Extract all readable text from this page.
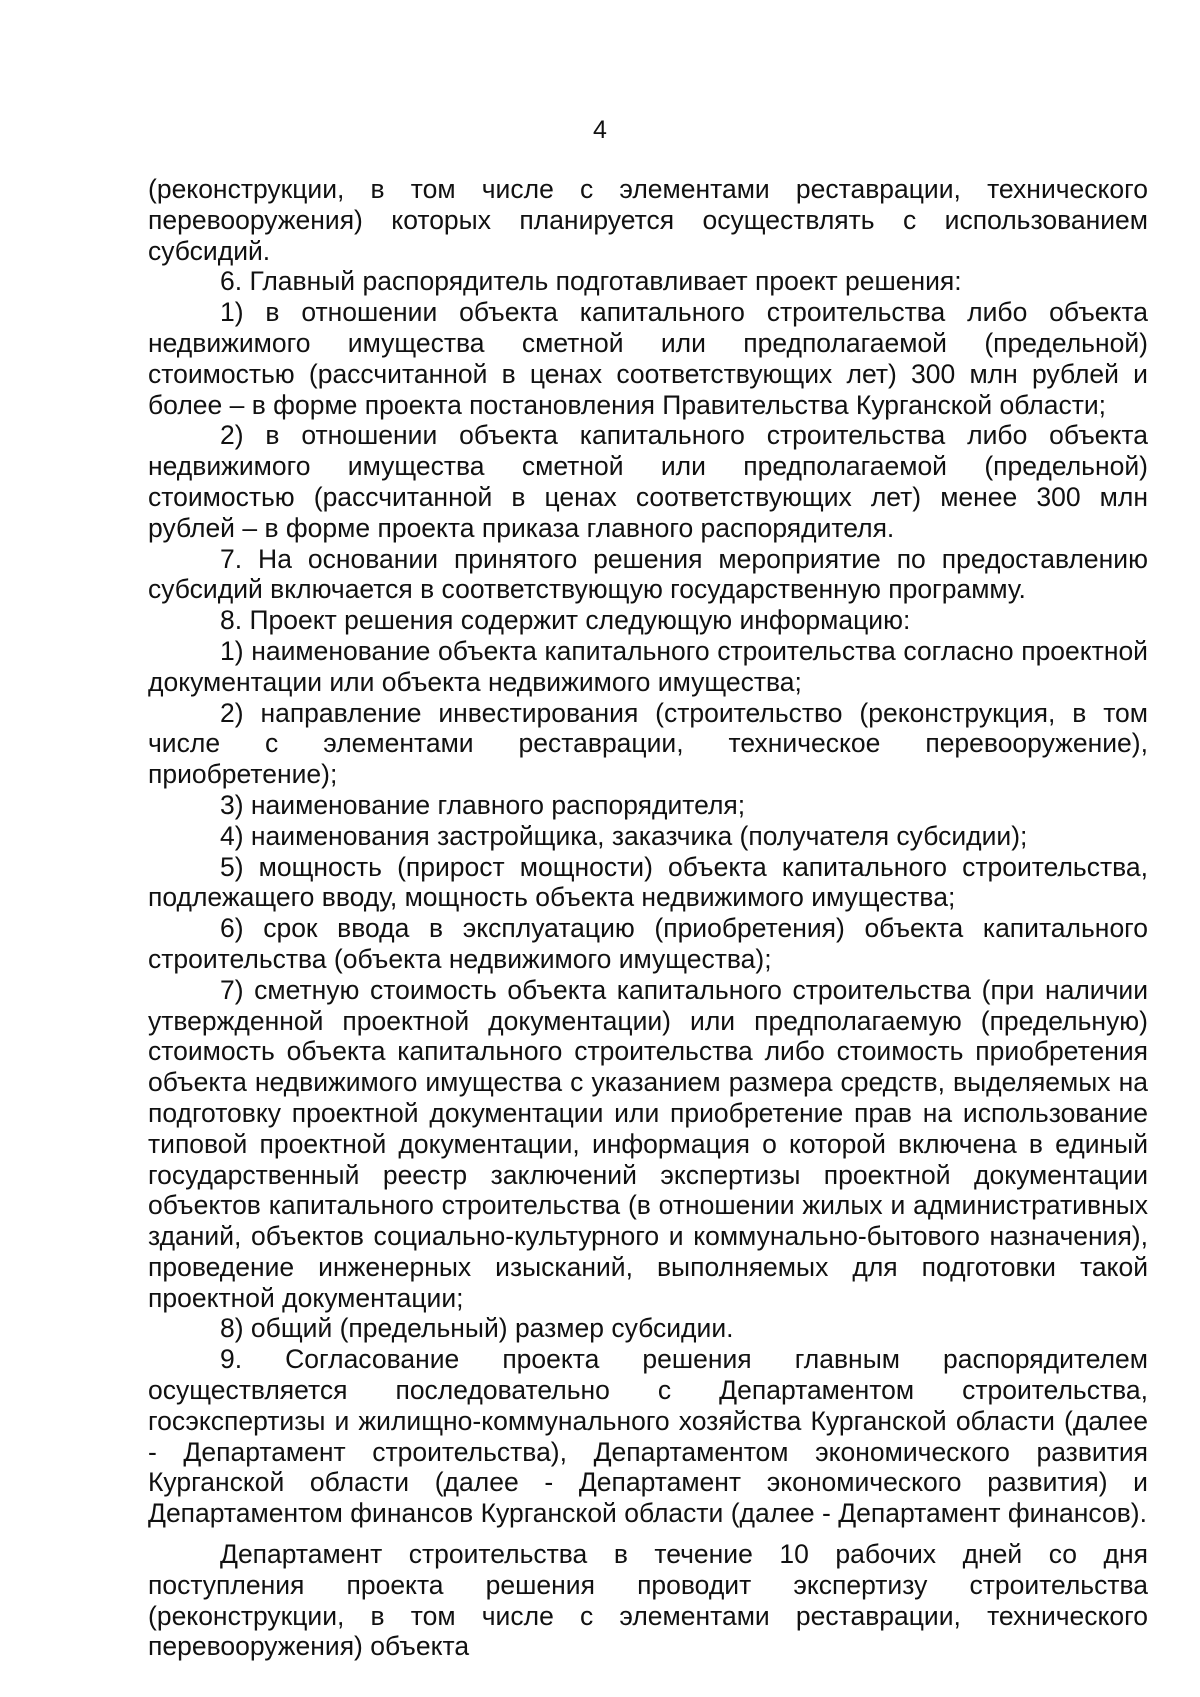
4

(реконструкции, в том числе с элементами реставрации, технического перевооружения) которых планируется осуществлять с использованием субсидий.

6. Главный распорядитель подготавливает проект решения:

1) в отношении объекта капитального строительства либо объекта недвижимого имущества сметной или предполагаемой (предельной) стоимостью (рассчитанной в ценах соответствующих лет) 300 млн рублей и более – в форме проекта постановления Правительства Курганской области;

2) в отношении объекта капитального строительства либо объекта недвижимого имущества сметной или предполагаемой (предельной) стоимостью (рассчитанной в ценах соответствующих лет) менее 300 млн рублей – в форме проекта приказа главного распорядителя.

7. На основании принятого решения мероприятие по предоставлению субсидий включается в соответствующую государственную программу.

8. Проект решения содержит следующую информацию:

1) наименование объекта капитального строительства согласно проектной документации или объекта недвижимого имущества;

2) направление инвестирования (строительство (реконструкция, в том числе с элементами реставрации, техническое перевооружение), приобретение);

3) наименование главного распорядителя;

4) наименования застройщика, заказчика (получателя субсидии);

5) мощность (прирост мощности) объекта капитального строительства, подлежащего вводу, мощность объекта недвижимого имущества;

6) срок ввода в эксплуатацию (приобретения) объекта капитального строительства (объекта недвижимого имущества);

7) сметную стоимость объекта капитального строительства (при наличии утвержденной проектной документации) или предполагаемую (предельную) стоимость объекта капитального строительства либо стоимость приобретения объекта недвижимого имущества с указанием размера средств, выделяемых на подготовку проектной документации или приобретение прав на использование типовой проектной документации, информация о которой включена в единый государственный реестр заключений экспертизы проектной документации объектов капитального строительства (в отношении жилых и административных зданий, объектов социально-культурного и коммунально-бытового назначения), проведение инженерных изысканий, выполняемых для подготовки такой проектной документации;

8) общий (предельный) размер субсидии.

9. Согласование проекта решения главным распорядителем осуществляется последовательно с Департаментом строительства, госэкспертизы и жилищно-коммунального хозяйства Курганской области (далее - Департамент строительства), Департаментом экономического развития Курганской области (далее - Департамент экономического развития) и Департаментом финансов Курганской области (далее - Департамент финансов).

Департамент строительства в течение 10 рабочих дней со дня поступления проекта решения проводит экспертизу строительства (реконструкции, в том числе с элементами реставрации, технического перевооружения) объекта
